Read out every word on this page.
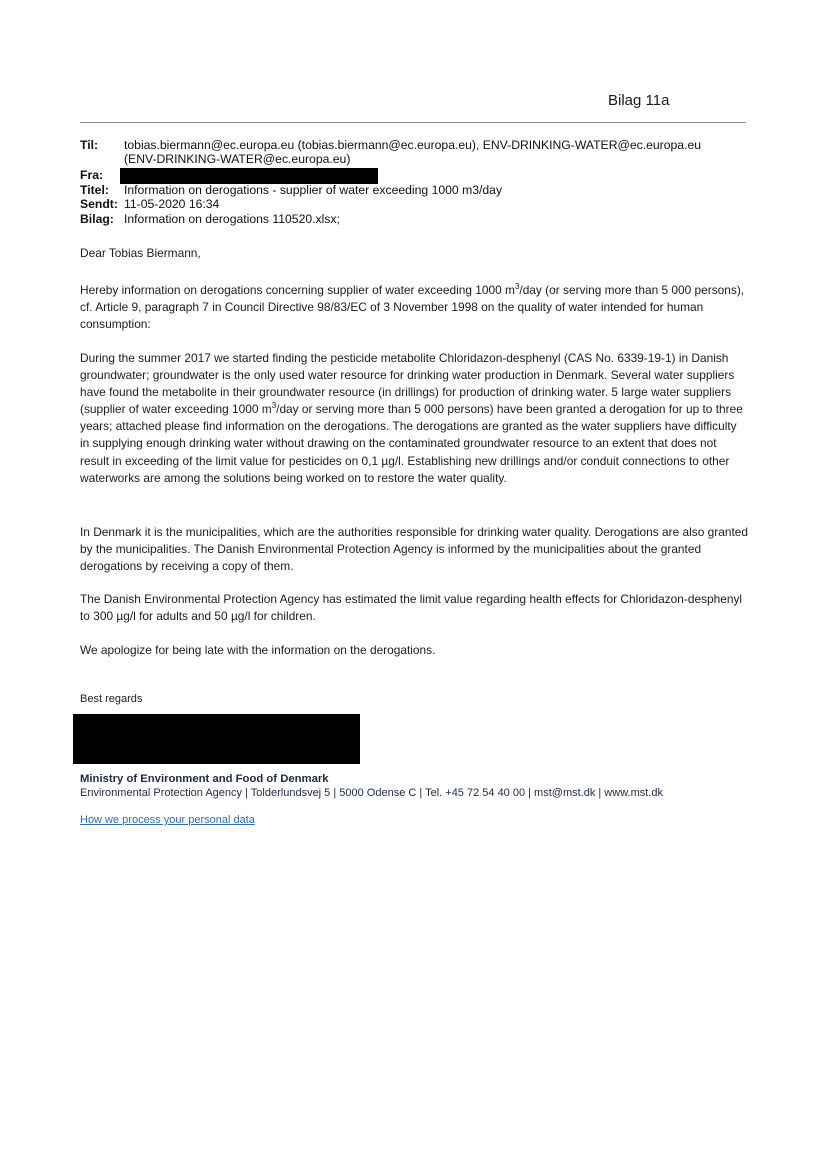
Bilag 11a
Til: tobias.biermann@ec.europa.eu (tobias.biermann@ec.europa.eu), ENV-DRINKING-WATER@ec.europa.eu
(ENV-DRINKING-WATER@ec.europa.eu)
Fra:
Titel: Information on derogations - supplier of water exceeding 1000 m3/day
Sendt: 11-05-2020 16:34
Bilag: Information on derogations 110520.xlsx;
Dear Tobias Biermann,

Hereby information on derogations concerning supplier of water exceeding 1000 $m^3$/day (or serving more than 5 000 persons), cf. Article 9, paragraph 7 in Council Directive 98/83/EC of 3 November 1998 on the quality of water intended for human consumption:

During the summer 2017 we started finding the pesticide metabolite Chloridazon-desphenyl (CAS No. 6339-19-1) in Danish groundwater; groundwater is the only used water resource for drinking water production in Denmark. Several water suppliers have found the metabolite in their groundwater resource (in drillings) for production of drinking water. 5 large water suppliers (supplier of water exceeding 1000 $m^3$/day or serving more than 5 000 persons) have been granted a derogation for up to three years; attached please find information on the derogations. The derogations are granted as the water suppliers have difficulty in supplying enough drinking water without drawing on the contaminated groundwater resource to an extent that does not result in exceeding of the limit value for pesticides on 0,1 µg/l. Establishing new drillings and/or conduit connections to other waterworks are among the solutions being worked on to restore the water quality.

In Denmark it is the municipalities, which are the authorities responsible for drinking water quality. Derogations are also granted by the municipalities. The Danish Environmental Protection Agency is informed by the municipalities about the granted derogations by receiving a copy of them.

The Danish Environmental Protection Agency has estimated the limit value regarding health effects for Chloridazon-desphenyl to 300 µg/l for adults and 50 µg/l for children.

We apologize for being late with the information on the derogations.

Best regards
Ministry of Environment and Food of Denmark
Environmental Protection Agency | Tolderlundsvej 5 | 5000 Odense C | Tel. +45 72 54 40 00 | mst@mst.dk | www.mst.dk
How we process your personal data
